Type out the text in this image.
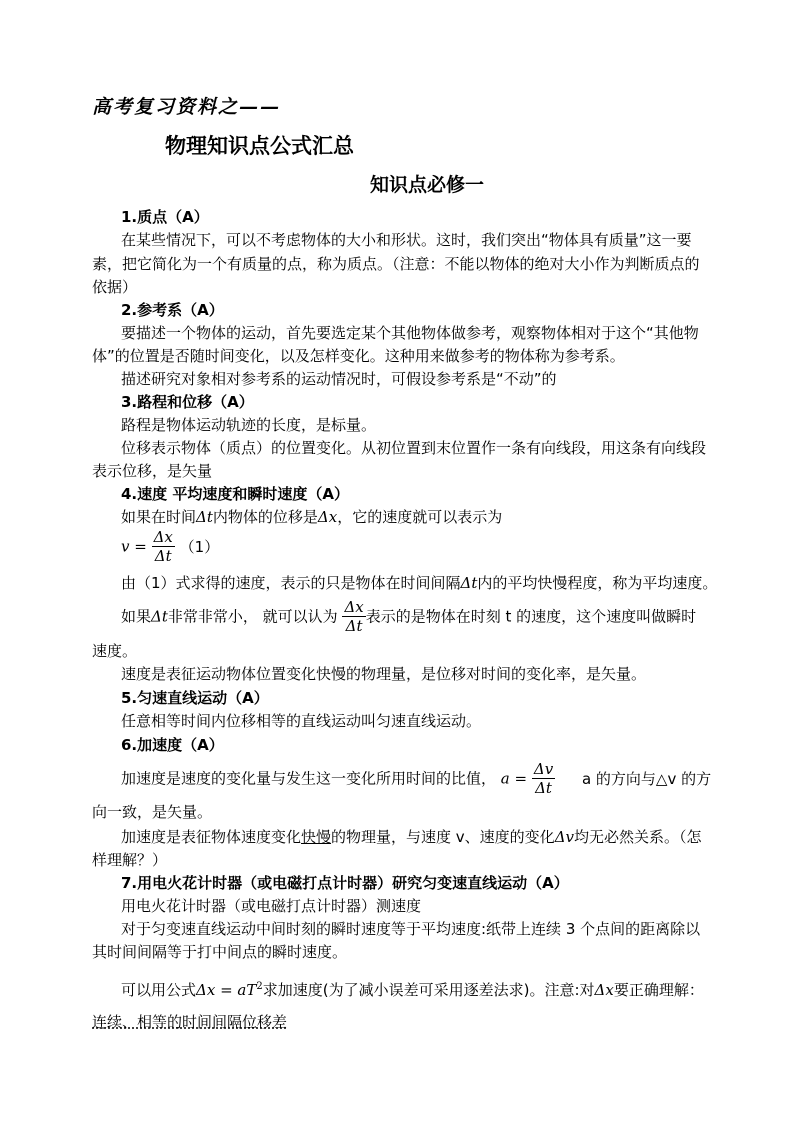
高考复习资料之——
物理知识点公式汇总
知识点必修一
1.质点（A）
在某些情况下，可以不考虑物体的大小和形状。这时，我们突出“物体具有质量”这一要
素，把它简化为一个有质量的点，称为质点。（注意：不能以物体的绝对大小作为判断质点的
依据）
2.参考系（A）
要描述一个物体的运动，首先要选定某个其他物体做参考，观察物体相对于这个“其他物
体”的位置是否随时间变化，以及怎样变化。这种用来做参考的物体称为参考系。
描述研究对象相对参考系的运动情况时，可假设参考系是“不动”的
3.路程和位移（A）
路程是物体运动轨迹的长度，是标量。
位移表示物体（质点）的位置变化。从初位置到末位置作一条有向线段，用这条有向线段
表示位移，是矢量
4.速度 平均速度和瞬时速度（A）
如果在时间Δt内物体的位移是Δx，它的速度就可以表示为
$v = \frac{\Delta x}{\Delta t} (1)$
由（1）式求得的速度，表示的只是物体在时间间隔Δt内的平均快慢程度，称为平均速度。
如果Δt非常非常小， 就可以认为 $\frac{\Delta x}{\Delta t}$ 表示的是物体在时刻 t 的速度，这个速度叫做瞬时
速度。
速度是表征运动物体位置变化快慢的物理量，是位移对时间的变化率，是矢量。
5.匀速直线运动（A）
任意相等时间内位移相等的直线运动叫匀速直线运动。
6.加速度（A）
加速度是速度的变化量与发生这一变化所用时间的比值， $a = \frac{\Delta v}{\Delta t}$ a 的方向与△v 的方
向一致，是矢量。
加速度是表征物体速度变化快慢的物理量，与速度 v、速度的变化Δv均无必然关系。（怎
样理解？）
7.用电火花计时器（或电磁打点计时器）研究匀变速直线运动（A）
用电火花计时器（或电磁打点计时器）测速度
对于匀变速直线运动中间时刻的瞬时速度等于平均速度:纸带上连续 3 个点间的距离除以
其时间间隔等于打中间点的瞬时速度。
可以用公式$\Delta x = aT^2$求加速度(为了减小误差可采用逐差法求)。注意:对Δx要正确理解：
连续、相等的时间间隔位移差
